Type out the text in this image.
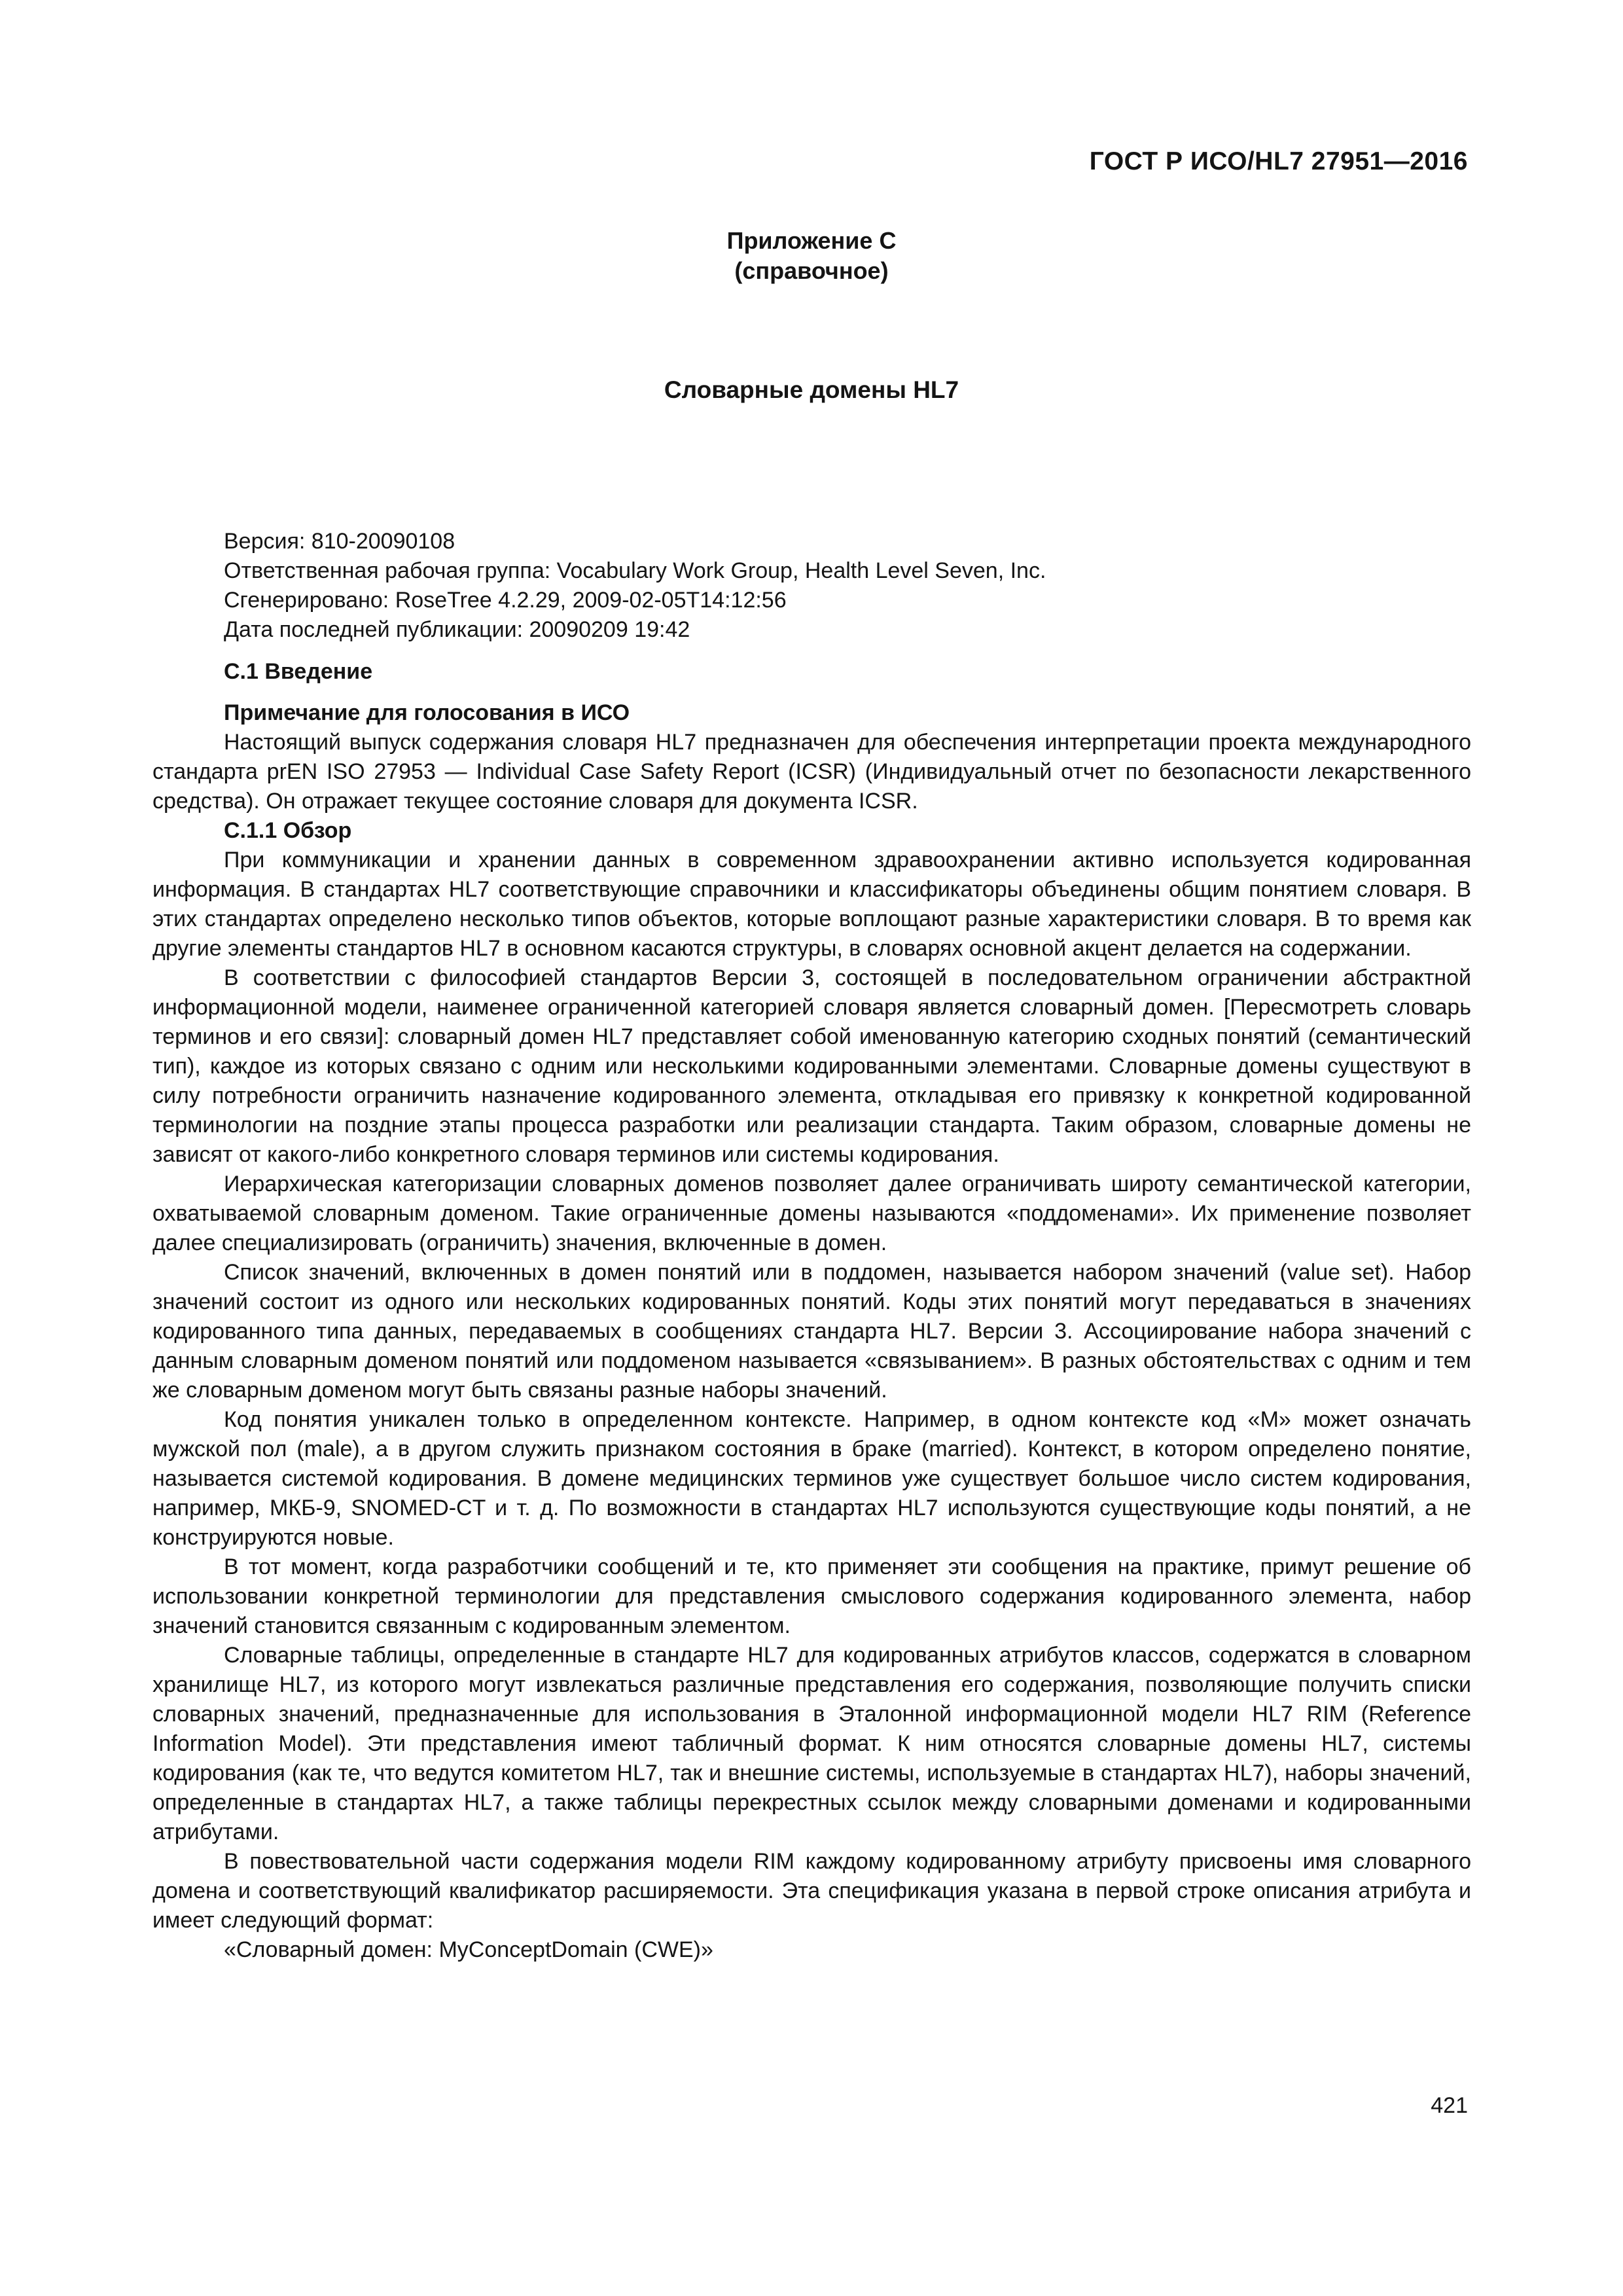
ГОСТ Р ИСО/HL7 27951—2016
Приложение С
(справочное)
Словарные домены HL7
Версия: 810-20090108
Ответственная рабочая группа: Vocabulary Work Group, Health Level Seven, Inc.
Сгенерировано: RoseTree 4.2.29, 2009-02-05T14:12:56
Дата последней публикации: 20090209 19:42

С.1 Введение

Примечание для голосования в ИСО

Настоящий выпуск содержания словаря HL7 предназначен для обеспечения интерпретации проекта международного стандарта prEN ISO 27953 — Individual Case Safety Report (ICSR) (Индивидуальный отчет по безопасности лекарственного средства). Он отражает текущее состояние словаря для документа ICSR.

С.1.1 Обзор

При коммуникации и хранении данных в современном здравоохранении активно используется кодированная информация. В стандартах HL7 соответствующие справочники и классификаторы объединены общим понятием словаря. В этих стандартах определено несколько типов объектов, которые воплощают разные характеристики словаря. В то время как другие элементы стандартов HL7 в основном касаются структуры, в словарях основной акцент делается на содержании.

В соответствии с философией стандартов Версии 3, состоящей в последовательном ограничении абстрактной информационной модели, наименее ограниченной категорией словаря является словарный домен. [Пересмотреть словарь терминов и его связи]: словарный домен HL7 представляет собой именованную категорию сходных понятий (семантический тип), каждое из которых связано с одним или несколькими кодированными элементами. Словарные домены существуют в силу потребности ограничить назначение кодированного элемента, откладывая его привязку к конкретной кодированной терминологии на поздние этапы процесса разработки или реализации стандарта. Таким образом, словарные домены не зависят от какого-либо конкретного словаря терминов или системы кодирования.

Иерархическая категоризации словарных доменов позволяет далее ограничивать широту семантической категории, охватываемой словарным доменом. Такие ограниченные домены называются «поддоменами». Их применение позволяет далее специализировать (ограничить) значения, включенные в домен.

Список значений, включенных в домен понятий или в поддомен, называется набором значений (value set). Набор значений состоит из одного или нескольких кодированных понятий. Коды этих понятий могут передаваться в значениях кодированного типа данных, передаваемых в сообщениях стандарта HL7. Версии 3. Ассоциирование набора значений с данным словарным доменом понятий или поддоменом называется «связыванием». В разных обстоятельствах с одним и тем же словарным доменом могут быть связаны разные наборы значений.

Код понятия уникален только в определенном контексте. Например, в одном контексте код «М» может означать мужской пол (male), а в другом служить признаком состояния в браке (married). Контекст, в котором определено понятие, называется системой кодирования. В домене медицинских терминов уже существует большое число систем кодирования, например, МКБ-9, SNOMED-CT и т. д. По возможности в стандартах HL7 используются существующие коды понятий, а не конструируются новые.

В тот момент, когда разработчики сообщений и те, кто применяет эти сообщения на практике, примут решение об использовании конкретной терминологии для представления смыслового содержания кодированного элемента, набор значений становится связанным с кодированным элементом.

Словарные таблицы, определенные в стандарте HL7 для кодированных атрибутов классов, содержатся в словарном хранилище HL7, из которого могут извлекаться различные представления его содержания, позволяющие получить списки словарных значений, предназначенные для использования в Эталонной информационной модели HL7 RIM (Reference Information Model). Эти представления имеют табличный формат. К ним относятся словарные домены HL7, системы кодирования (как те, что ведутся комитетом HL7, так и внешние системы, используемые в стандартах HL7), наборы значений, определенные в стандартах HL7, а также таблицы перекрестных ссылок между словарными доменами и кодированными атрибутами.

В повествовательной части содержания модели RIM каждому кодированному атрибуту присвоены имя словарного домена и соответствующий квалификатор расширяемости. Эта спецификация указана в первой строке описания атрибута и имеет следующий формат:

«Словарный домен: MyConceptDomain (CWE)»

421
